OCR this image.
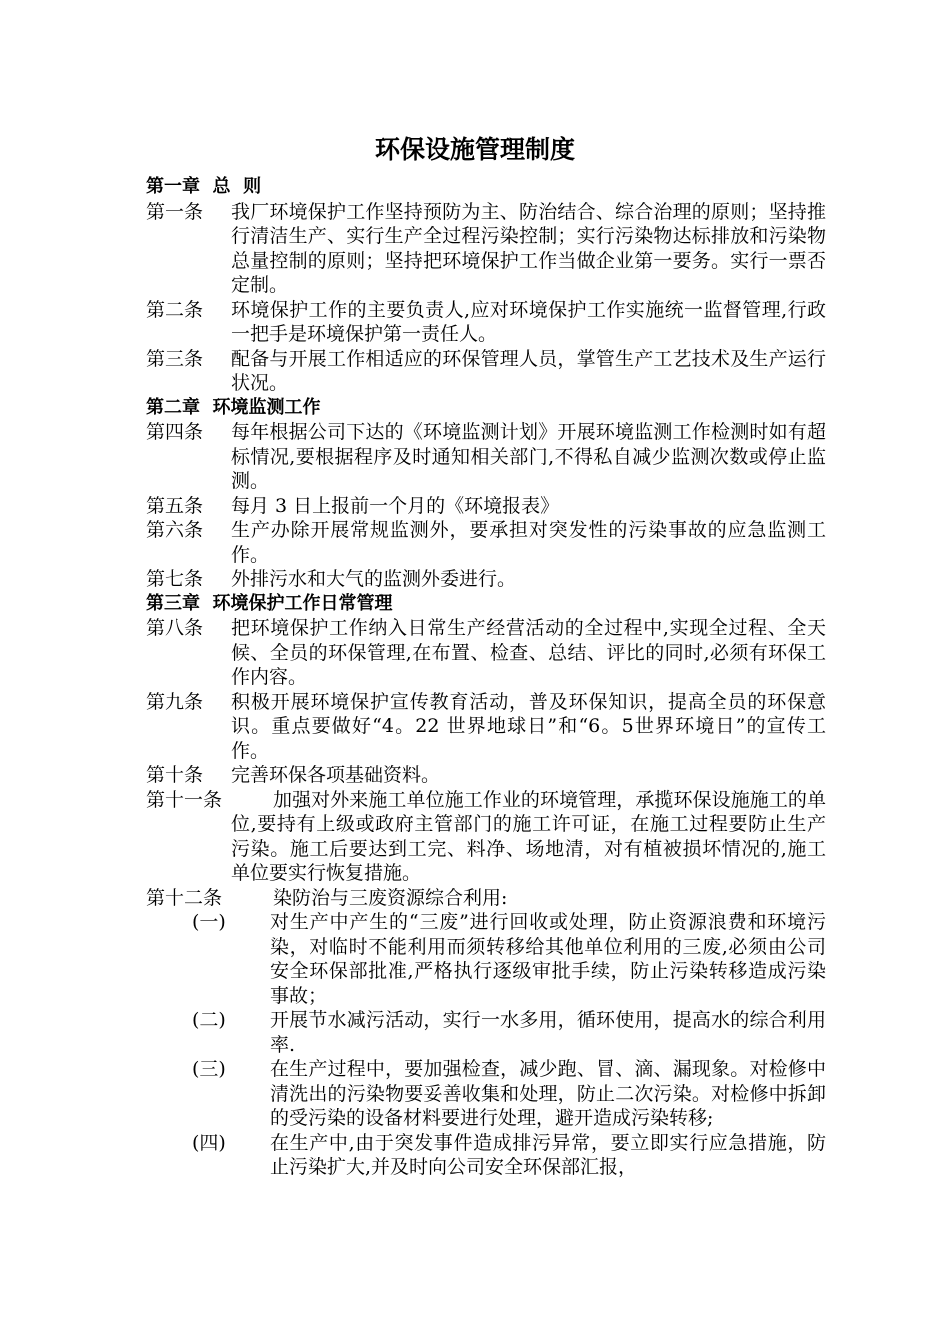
环保设施管理制度
第一章  总  则
第一条 我厂环境保护工作坚持预防为主、防治结合、综合治理的原则；坚持推行清洁生产、实行生产全过程污染控制；实行污染物达标排放和污染物总量控制的原则；坚持把环境保护工作当做企业第一要务。实行一票否定制。
第二条 环境保护工作的主要负责人,应对环境保护工作实施统一监督管理,行政一把手是环境保护第一责任人。
第三条 配备与开展工作相适应的环保管理人员，掌管生产工艺技术及生产运行状况。
第二章  环境监测工作
第四条 每年根据公司下达的《环境监测计划》开展环境监测工作检测时如有超标情况,要根据程序及时通知相关部门,不得私自减少监测次数或停止监测。
第五条 每月 3 日上报前一个月的《环境报表》
第六条 生产办除开展常规监测外，要承担对突发性的污染事故的应急监测工作。
第七条 外排污水和大气的监测外委进行。
第三章  环境保护工作日常管理
第八条 把环境保护工作纳入日常生产经营活动的全过程中,实现全过程、全天候、全员的环保管理,在布置、检查、总结、评比的同时,必须有环保工作内容。
第九条 积极开展环境保护宣传教育活动，普及环保知识，提高全员的环保意识。重点要做好“4。22 世界地球日”和“6。5世界环境日”的宣传工作。
第十条 完善环保各项基础资料。
第十一条	加强对外来施工单位施工作业的环境管理，承揽环保设施施工的单位,要持有上级或政府主管部门的施工许可证，在施工过程要防止生产污染。施工后要达到工完、料净、场地清，对有植被损坏情况的,施工单位要实行恢复措施。
第十二条	染防治与三废资源综合利用:
(一) 对生产中产生的“三废”进行回收或处理，防止资源浪费和环境污染，对临时不能利用而须转移给其他单位利用的三废,必须由公司安全环保部批准,严格执行逐级审批手续，防止污染转移造成污染事故；
(二) 开展节水减污活动，实行一水多用，循环使用，提高水的综合利用率.
(三) 在生产过程中，要加强检查，减少跑、冒、滴、漏现象。对检修中清洗出的污染物要妥善收集和处理，防止二次污染。对检修中拆卸的受污染的设备材料要进行处理，避开造成污染转移;
(四) 在生产中,由于突发事件造成排污异常，要立即实行应急措施，防止污染扩大,并及时向公司安全环保部汇报，
